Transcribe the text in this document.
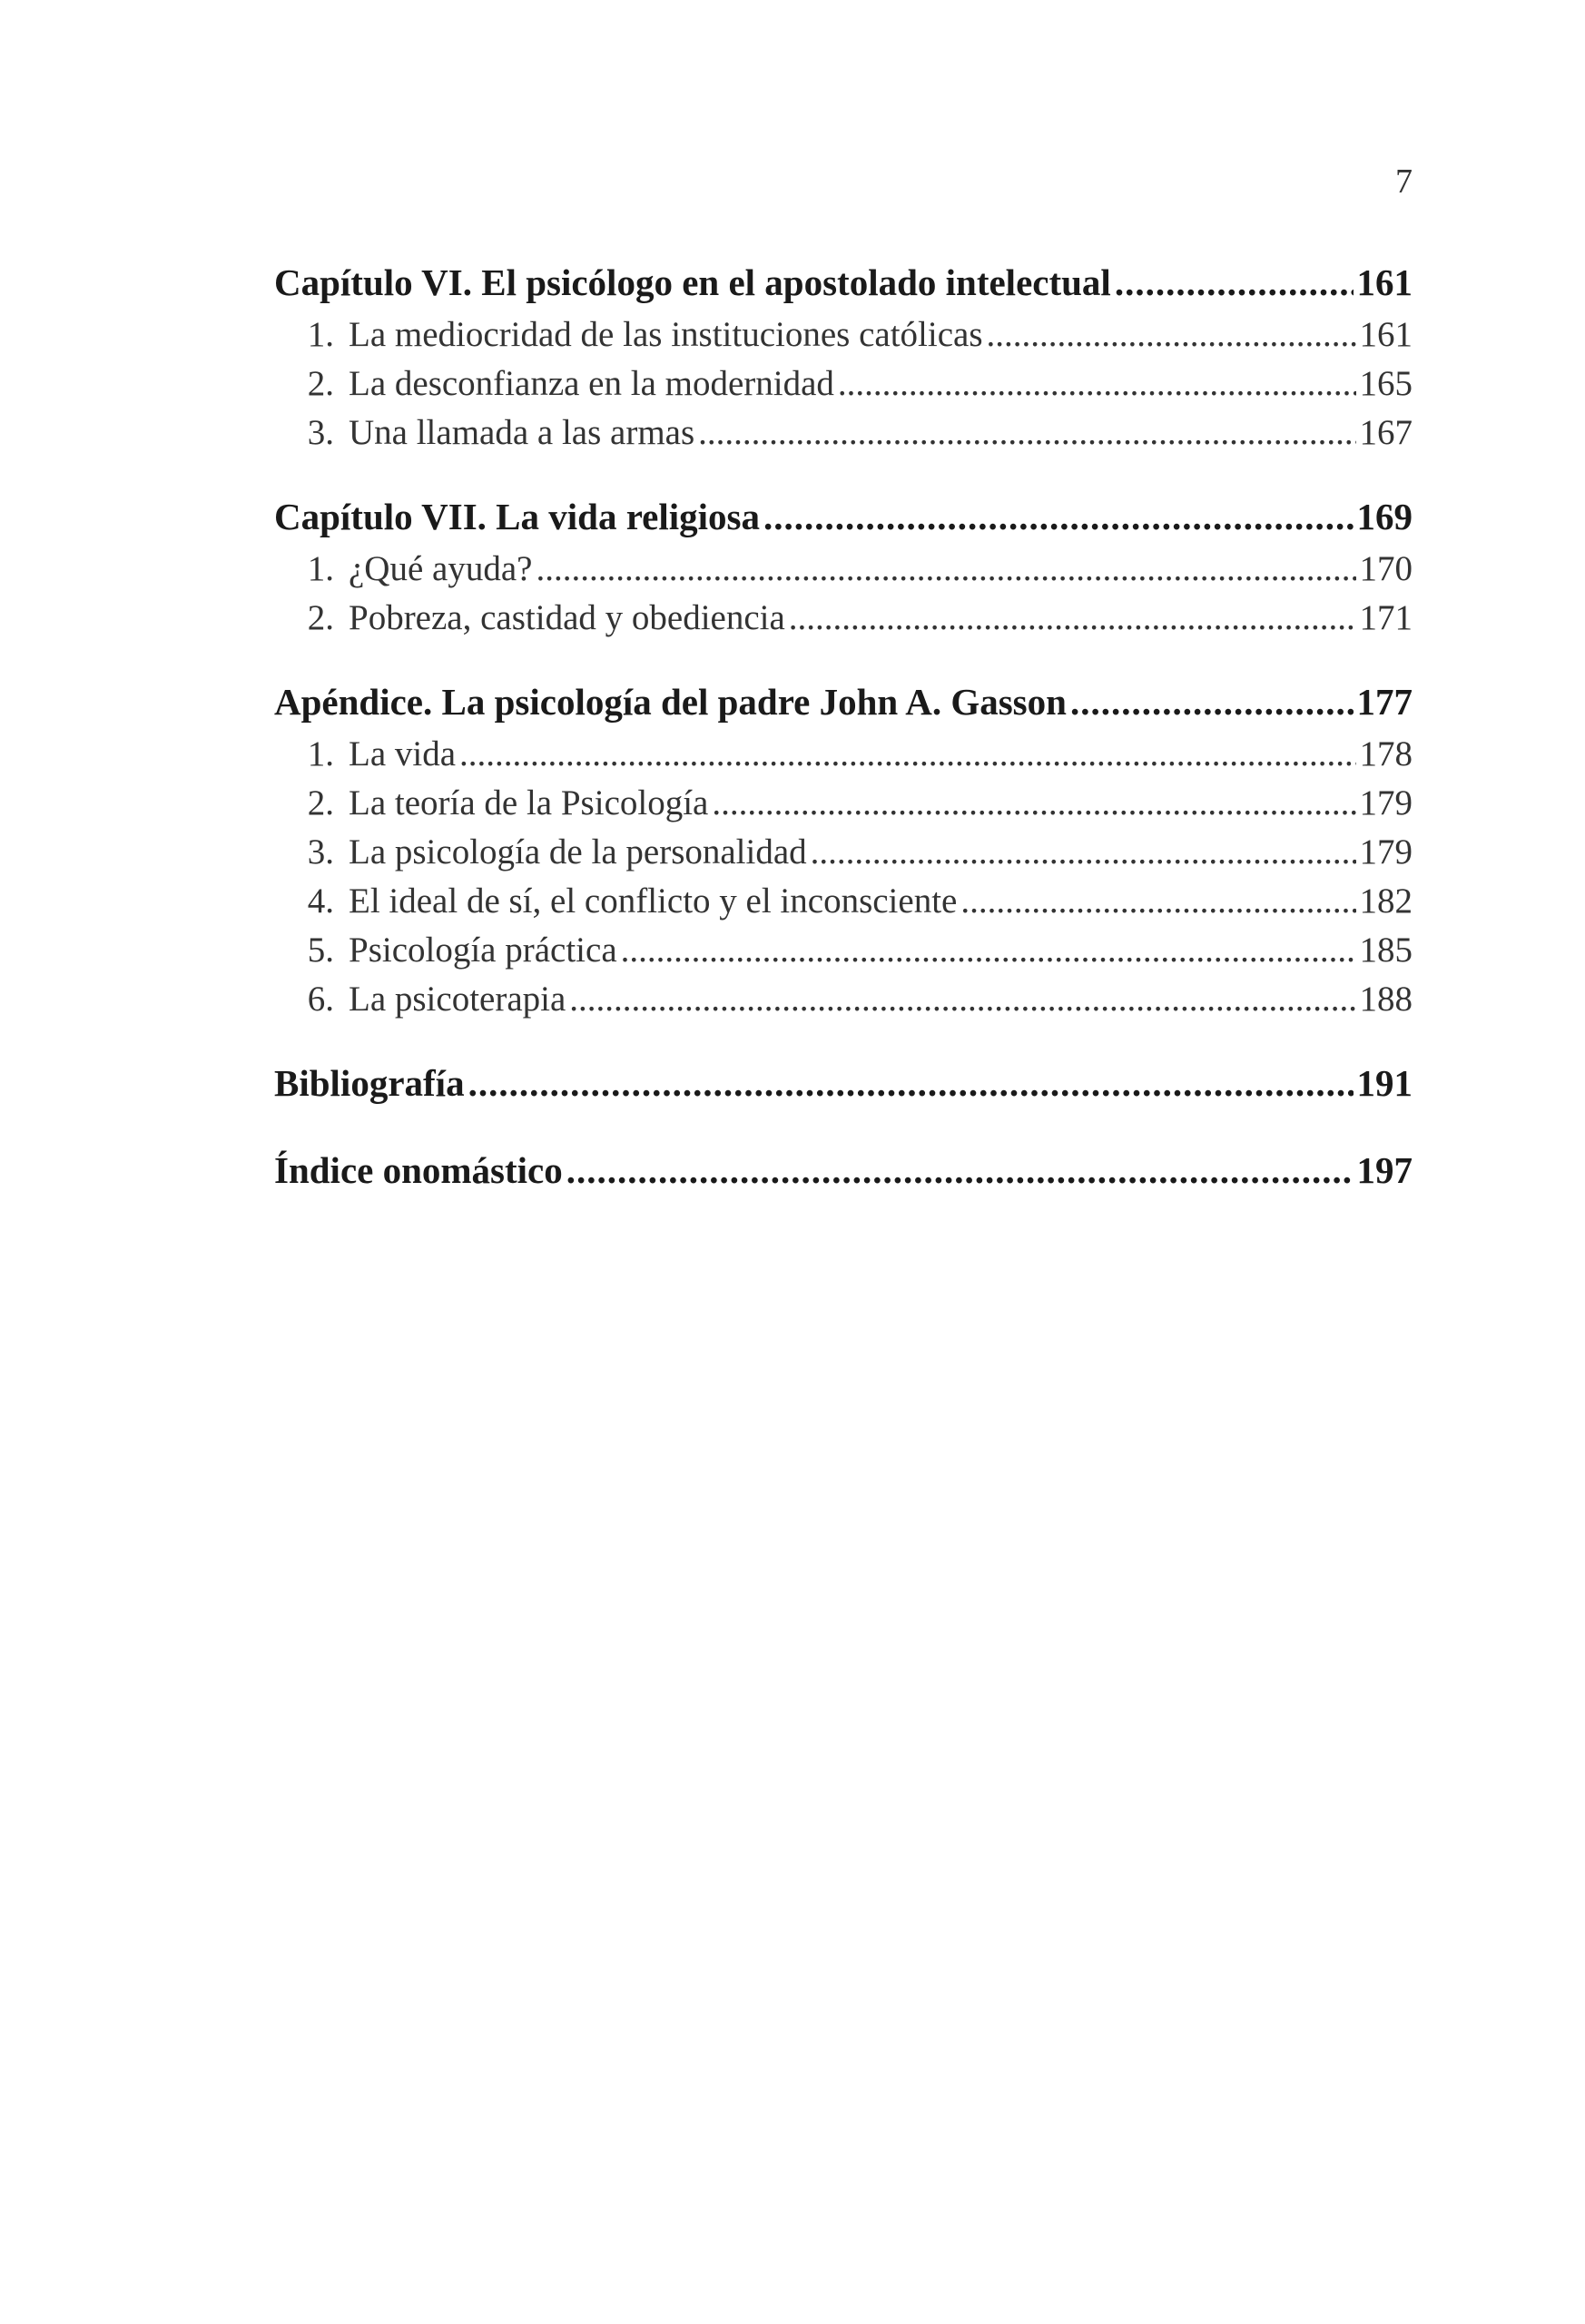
7
Capítulo VI. El psicólogo en el apostolado intelectual .....	161
1. La mediocridad de las instituciones católicas .....	161
2. La desconfianza en la modernidad .....	165
3. Una llamada a las armas .....	167
Capítulo VII. La vida religiosa .....	169
1. ¿Qué ayuda? .....	170
2. Pobreza, castidad y obediencia .....	171
Apéndice. La psicología del padre John A. Gasson .....	177
1. La vida .....	178
2. La teoría de la Psicología .....	179
3. La psicología de la personalidad .....	179
4. El ideal de sí, el conflicto y el inconsciente .....	182
5. Psicología práctica .....	185
6. La psicoterapia .....	188
Bibliografía .....	191
Índice onomástico .....	197
